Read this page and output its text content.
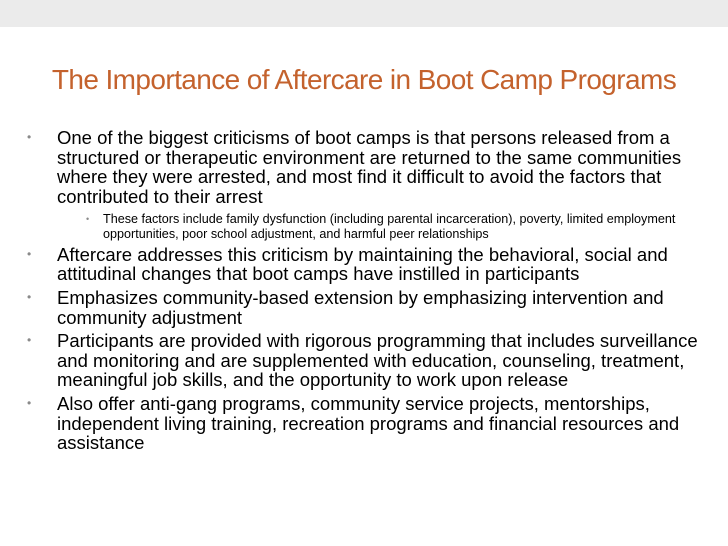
The Importance of Aftercare in Boot Camp Programs
• One of the biggest criticisms of boot camps is that persons released from a structured or therapeutic environment are returned to the same communities where they were arrested, and most find it difficult to avoid the factors that contributed to their arrest
• These factors include family dysfunction (including parental incarceration), poverty, limited employment opportunities, poor school adjustment, and harmful peer relationships
• Aftercare addresses this criticism by maintaining the behavioral, social and attitudinal changes that boot camps have instilled in participants
• Emphasizes community-based extension by emphasizing intervention and community adjustment
• Participants are provided with rigorous programming that includes surveillance and monitoring and are supplemented with education, counseling, treatment, meaningful job skills, and the opportunity to work upon release
• Also offer anti-gang programs, community service projects, mentorships, independent living training, recreation programs and financial resources and assistance
